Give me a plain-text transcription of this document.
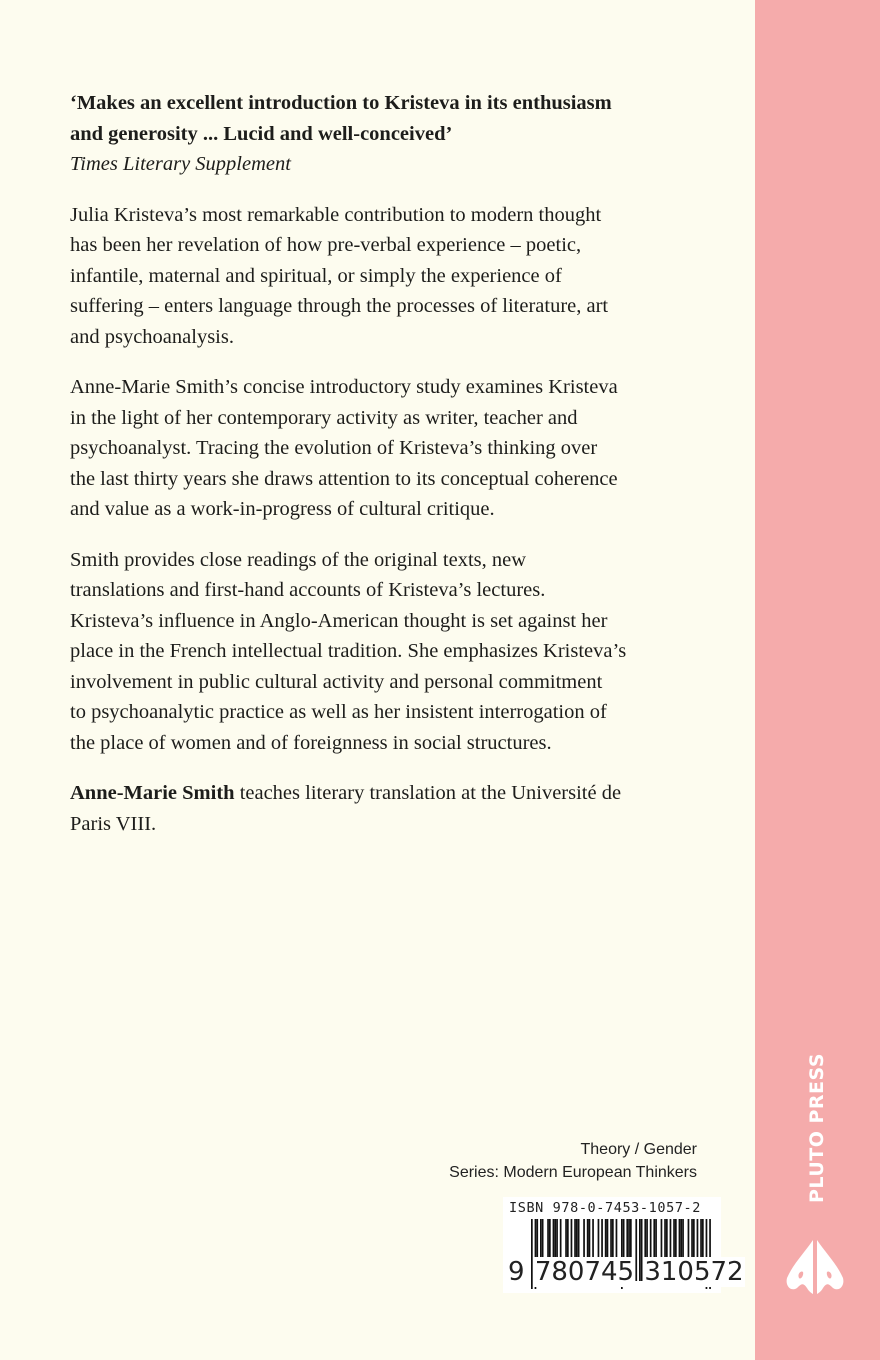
PLUTO PRESS
‘Makes an excellent introduction to Kristeva in its enthusiasm
and generosity ... Lucid and well-conceived’
Times Literary Supplement
Julia Kristeva’s most remarkable contribution to modern thought
has been her revelation of how pre-verbal experience – poetic,
infantile, maternal and spiritual, or simply the experience of
suffering – enters language through the processes of literature, art
and psychoanalysis.
Anne-Marie Smith’s concise introductory study examines Kristeva
in the light of her contemporary activity as writer, teacher and
psychoanalyst. Tracing the evolution of Kristeva’s thinking over
the last thirty years she draws attention to its conceptual coherence
and value as a work-in-progress of cultural critique.
Smith provides close readings of the original texts, new
translations and first-hand accounts of Kristeva’s lectures.
Kristeva’s influence in Anglo-American thought is set against her
place in the French intellectual tradition. She emphasizes Kristeva’s
involvement in public cultural activity and personal commitment
to psychoanalytic practice as well as her insistent interrogation of
the place of women and of foreignness in social structures.
Anne-Marie Smith teaches literary translation at the Université de
Paris VIII.
Theory / Gender
Series: Modern European Thinkers
ISBN 978-0-7453-1057-2
9 780745 310572
